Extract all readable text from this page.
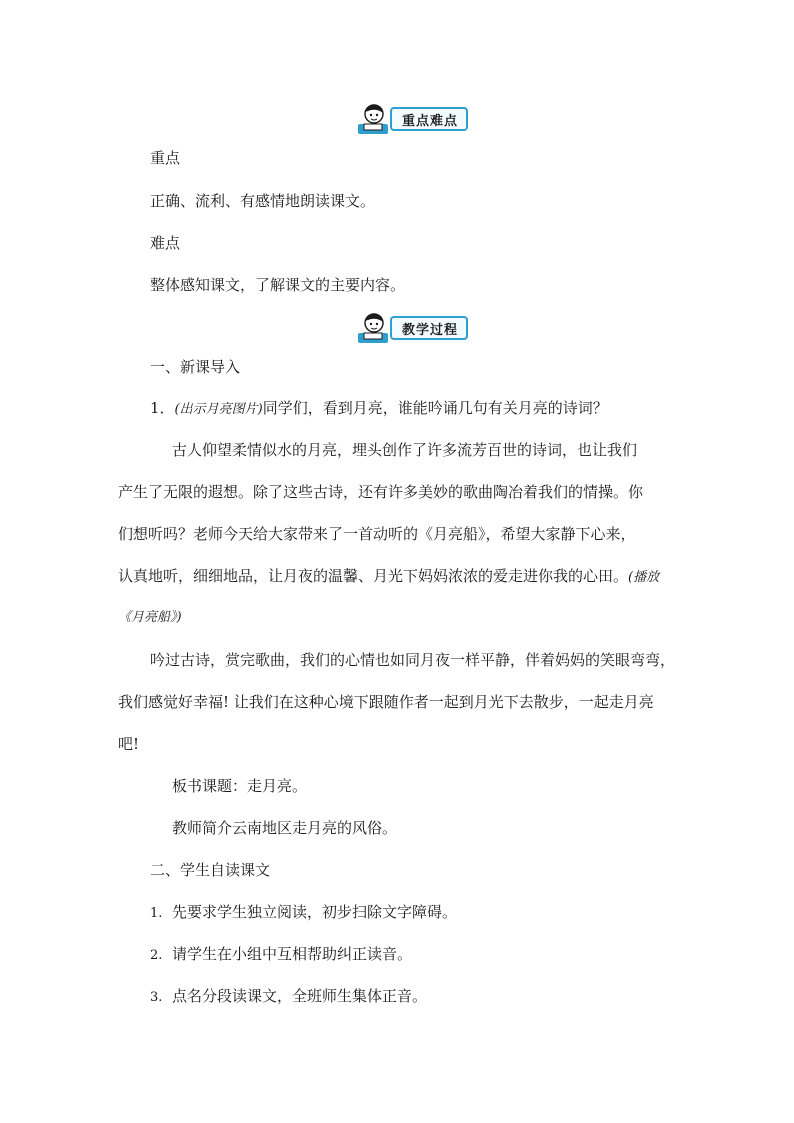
重点难点
重点
正确、流利、有感情地朗读课文。
难点
整体感知课文，了解课文的主要内容。
教学过程
一、新课导入
1．(出示月亮图片)同学们，看到月亮，谁能吟诵几句有关月亮的诗词？
古人仰望柔情似水的月亮，埋头创作了许多流芳百世的诗词，也让我们
产生了无限的遐想。除了这些古诗，还有许多美妙的歌曲陶冶着我们的情操。你
们想听吗？老师今天给大家带来了一首动听的《月亮船》，希望大家静下心来，
认真地听，细细地品，让月夜的温馨、月光下妈妈浓浓的爱走进你我的心田。(播放
《月亮船》)
吟过古诗，赏完歌曲，我们的心情也如同月夜一样平静，伴着妈妈的笑眼弯弯，
我们感觉好幸福! 让我们在这种心境下跟随作者一起到月光下去散步，一起走月亮
吧!
板书课题：走月亮。
教师简介云南地区走月亮的风俗。
二、学生自读课文
1. 先要求学生独立阅读，初步扫除文字障碍。
2. 请学生在小组中互相帮助纠正读音。
3. 点名分段读课文，全班师生集体正音。
